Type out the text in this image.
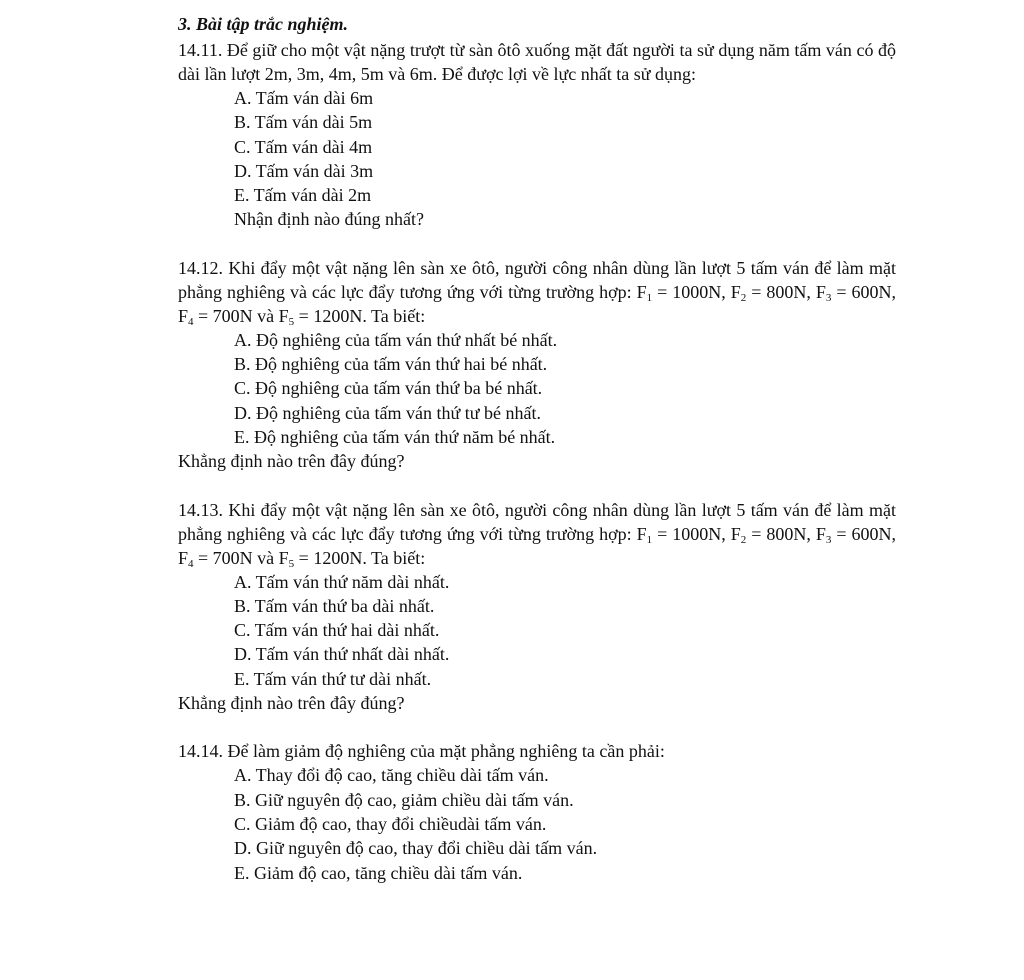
3. Bài tập trắc nghiệm.

14.11. Để giữ cho một vật nặng trượt từ sàn ôtô xuống mặt đất người ta sử dụng năm tấm ván có độ dài lần lượt 2m, 3m, 4m, 5m và 6m. Để được lợi về lực nhất ta sử dụng:

A. Tấm ván dài 6m
B. Tấm ván dài 5m
C. Tấm ván dài 4m
D. Tấm ván dài 3m
E. Tấm ván dài 2m

Nhận định nào đúng nhất?

14.12. Khi đẩy một vật nặng lên sàn xe ôtô, người công nhân dùng lần lượt 5 tấm ván để làm mặt phẳng nghiêng và các lực đẩy tương ứng với từng trường hợp: $F_1 = 1000N$, $F_2 = 800N$, $F_3 = 600N$, $F_4 = 700N$ và $F_5 = 1200N$. Ta biết:

A. Độ nghiêng của tấm ván thứ nhất bé nhất.
B. Độ nghiêng của tấm ván thứ hai bé nhất.
C. Độ nghiêng của tấm ván thứ ba bé nhất.
D. Độ nghiêng của tấm ván thứ tư bé nhất.
E. Độ nghiêng của tấm ván thứ năm bé nhất.

Khẳng định nào trên đây đúng?

14.13. Khi đẩy một vật nặng lên sàn xe ôtô, người công nhân dùng lần lượt 5 tấm ván để làm mặt phẳng nghiêng và các lực đẩy tương ứng với từng trường hợp: $F_1 = 1000N$, $F_2 = 800N$, $F_3 = 600N$, $F_4 = 700N$ và $F_5 = 1200N$. Ta biết:

A. Tấm ván thứ năm dài nhất.
B. Tấm ván thứ ba dài nhất.
C. Tấm ván thứ hai dài nhất.
D. Tấm ván thứ nhất dài nhất.
E. Tấm ván thứ tư dài nhất.

Khẳng định nào trên đây đúng?

14.14. Để làm giảm độ nghiêng của mặt phẳng nghiêng ta cần phải:

A. Thay đổi độ cao, tăng chiều dài tấm ván.
B. Giữ nguyên độ cao, giảm chiều dài tấm ván.
C. Giảm độ cao, thay đổi chiềudài tấm ván.
D. Giữ nguyên độ cao, thay đổi chiều dài tấm ván.
E. Giảm độ cao, tăng chiều dài tấm ván.
